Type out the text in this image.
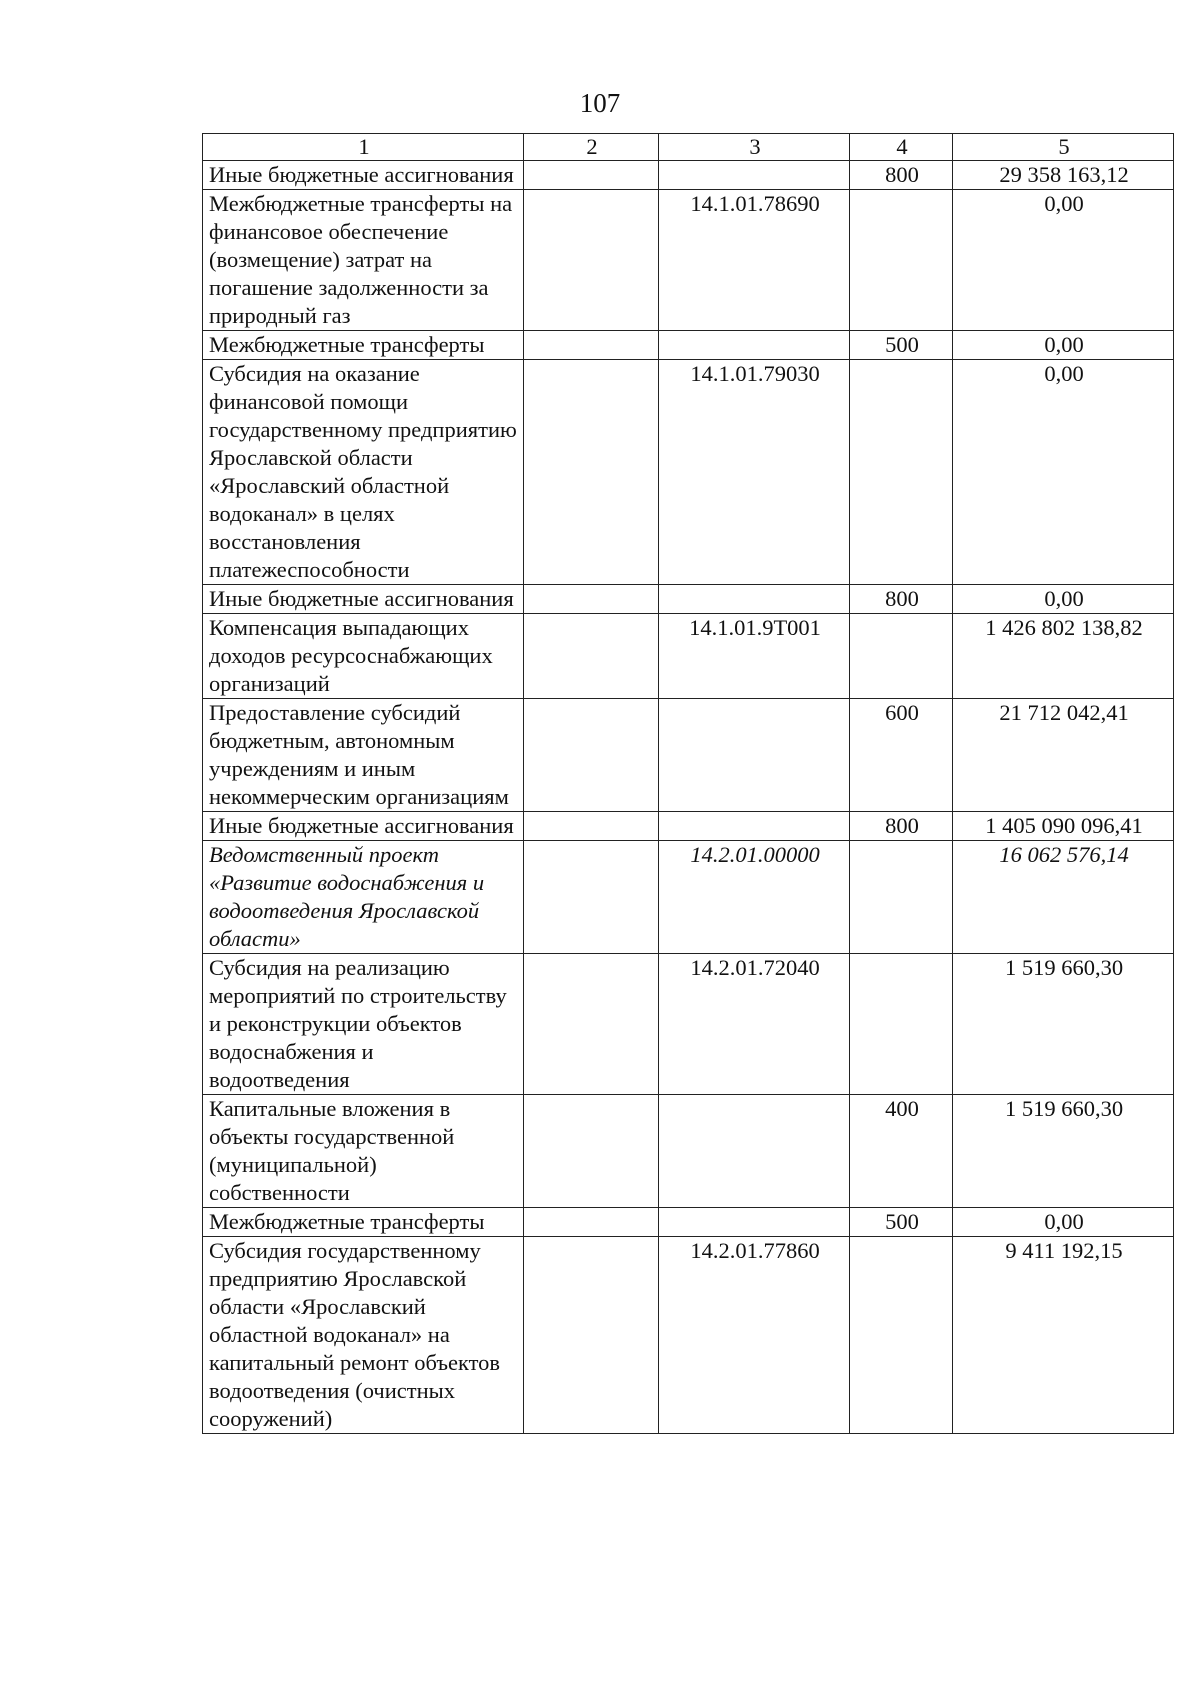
107
1	2	3	4	5
Иные бюджетные ассигнования			800	29 358 163,12
Межбюджетные трансферты на финансовое обеспечение (возмещение) затрат на погашение задолженности за природный газ		14.1.01.78690		0,00
Межбюджетные трансферты			500	0,00
Субсидия на оказание финансовой помощи государственному предприятию Ярославской области «Ярославский областной водоканал» в целях восстановления платежеспособности		14.1.01.79030		0,00
Иные бюджетные ассигнования			800	0,00
Компенсация выпадающих доходов ресурсоснабжающих организаций		14.1.01.9Т001		1 426 802 138,82
Предоставление субсидий бюджетным, автономным учреждениям и иным некоммерческим организациям			600	21 712 042,41
Иные бюджетные ассигнования			800	1 405 090 096,41
Ведомственный проект «Развитие водоснабжения и водоотведения Ярославской области»		14.2.01.00000		16 062 576,14
Субсидия на реализацию мероприятий по строительству и реконструкции объектов водоснабжения и водоотведения		14.2.01.72040		1 519 660,30
Капитальные вложения в объекты государственной (муниципальной) собственности			400	1 519 660,30
Межбюджетные трансферты			500	0,00
Субсидия государственному предприятию Ярославской области «Ярославский областной водоканал» на капитальный ремонт объектов водоотведения (очистных сооружений)		14.2.01.77860		9 411 192,15
